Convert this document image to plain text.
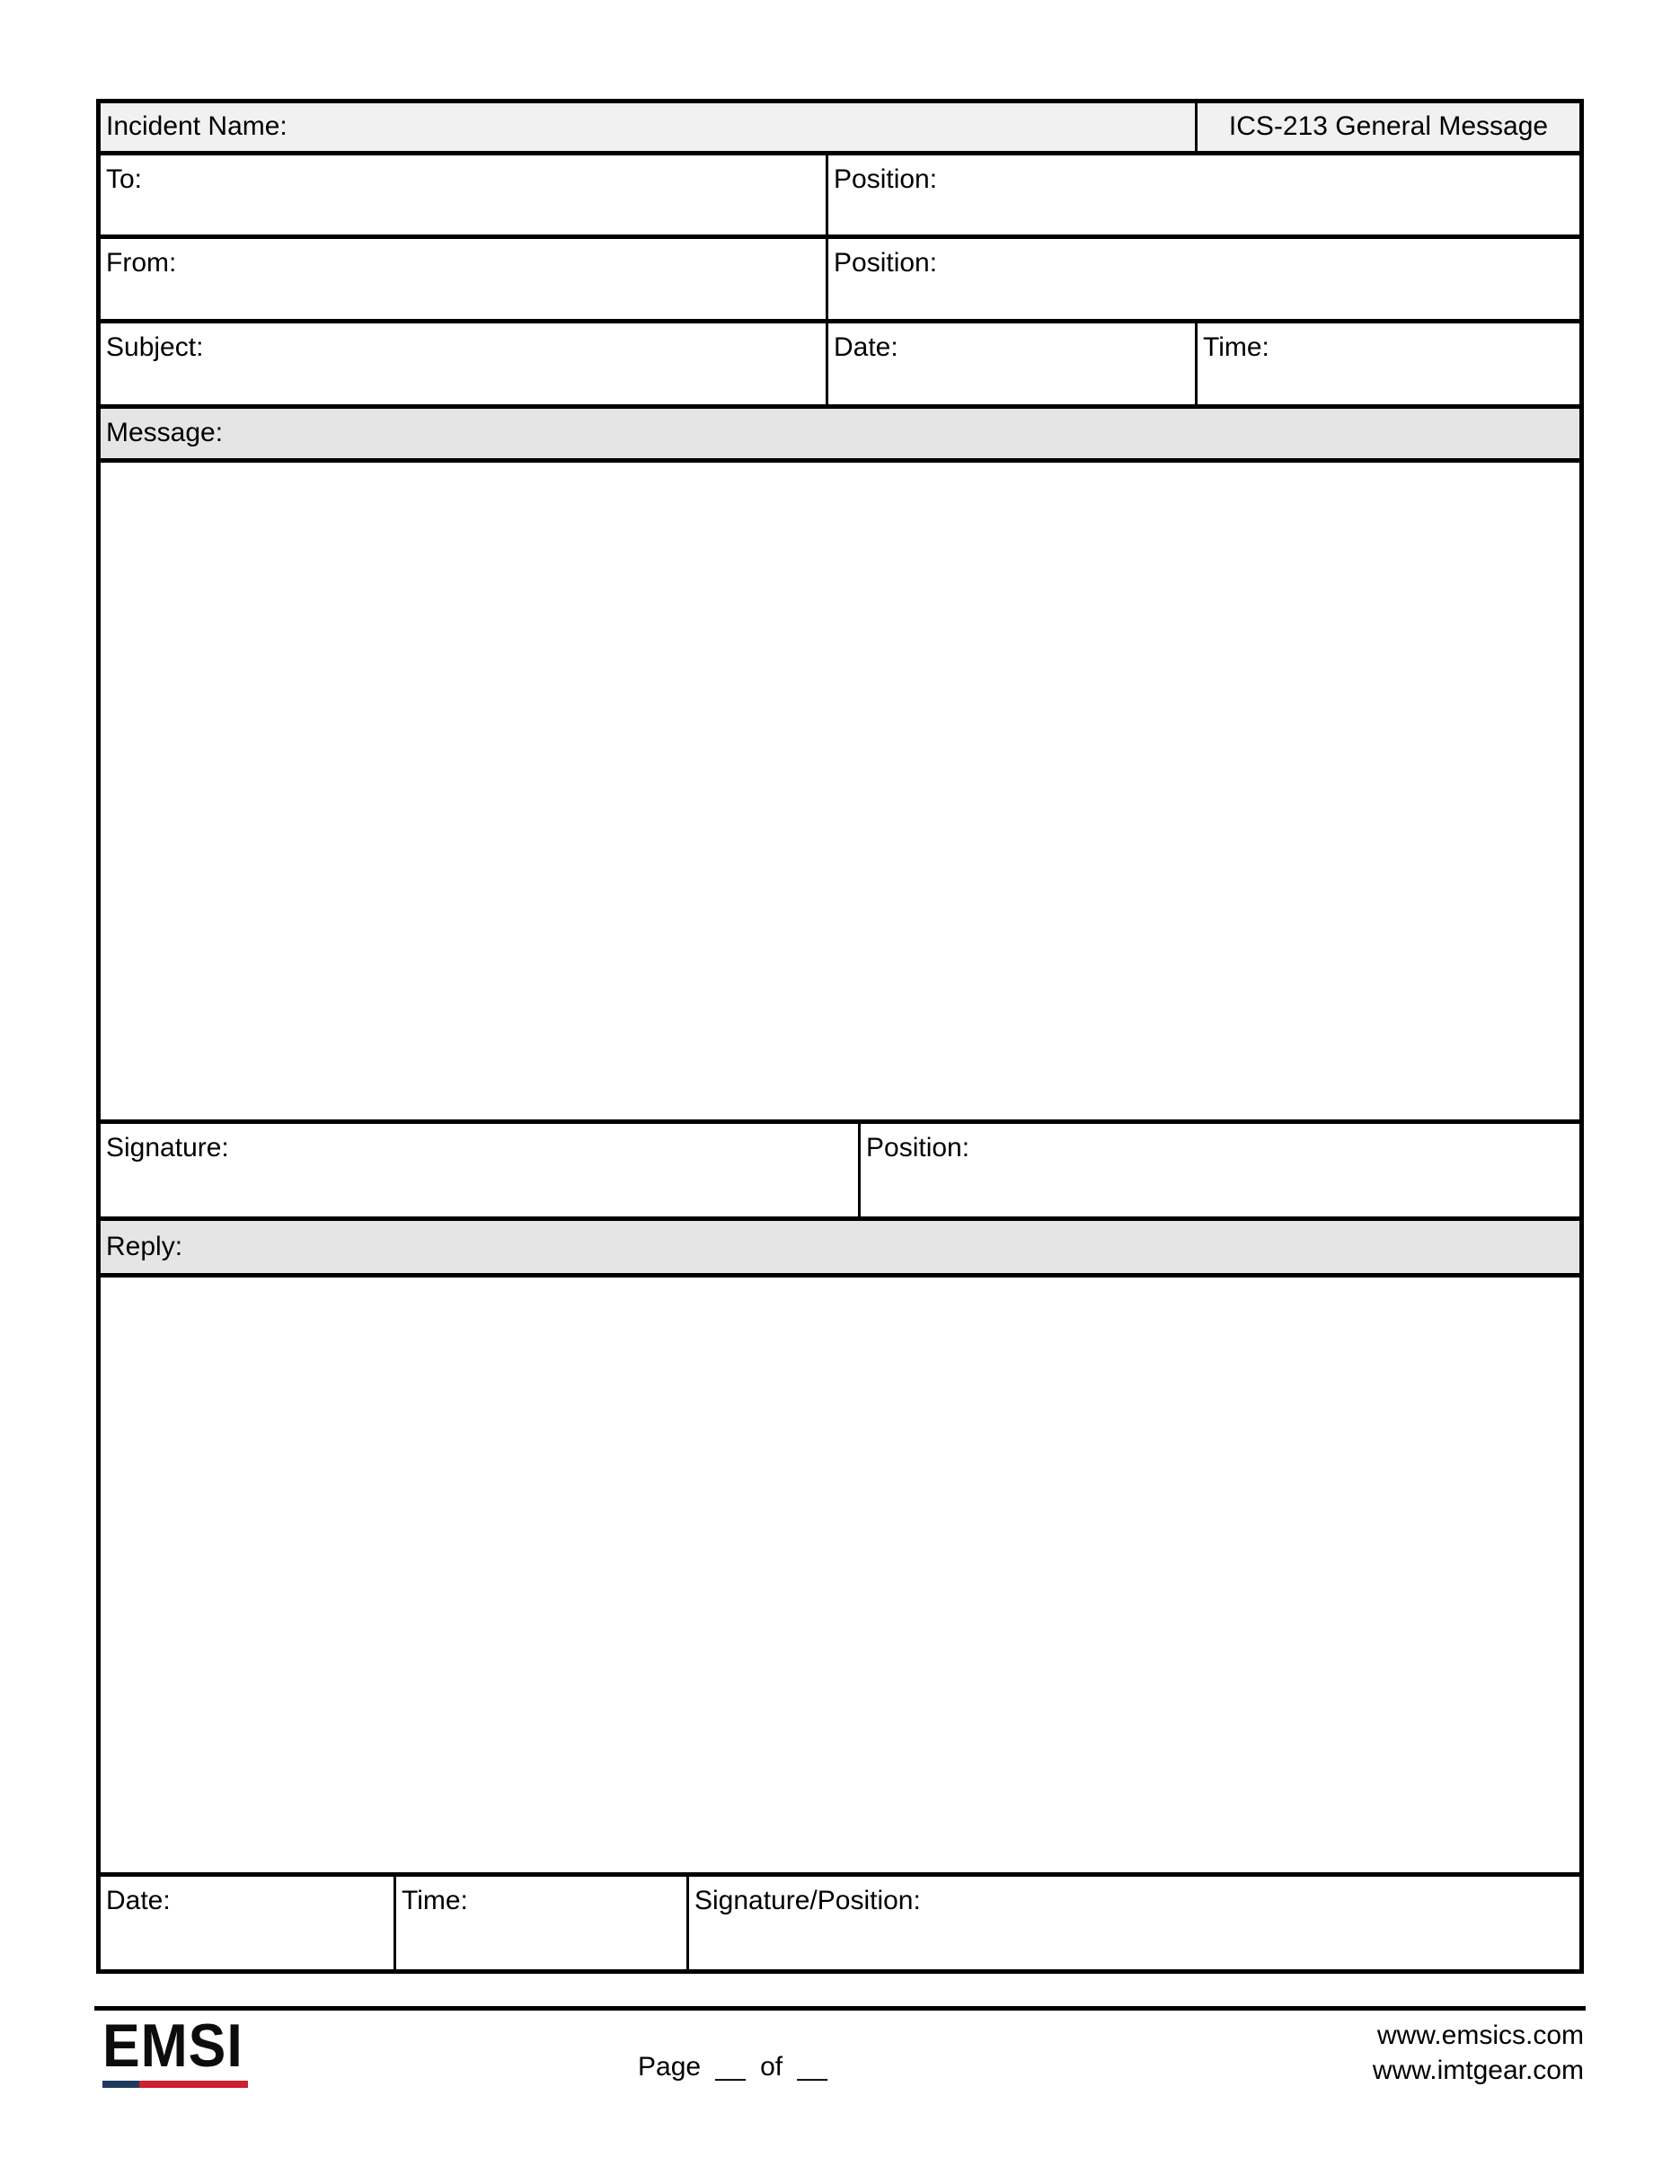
Incident Name:	ICS-213 General Message
To:	Position:
From:	Position:
Subject:	Date:	Time:
Message:
Signature:	Position:
Reply:
Date:	Time:	Signature/Position:
EMSI	Page __ of __
www.emsics.com
www.imtgear.com
